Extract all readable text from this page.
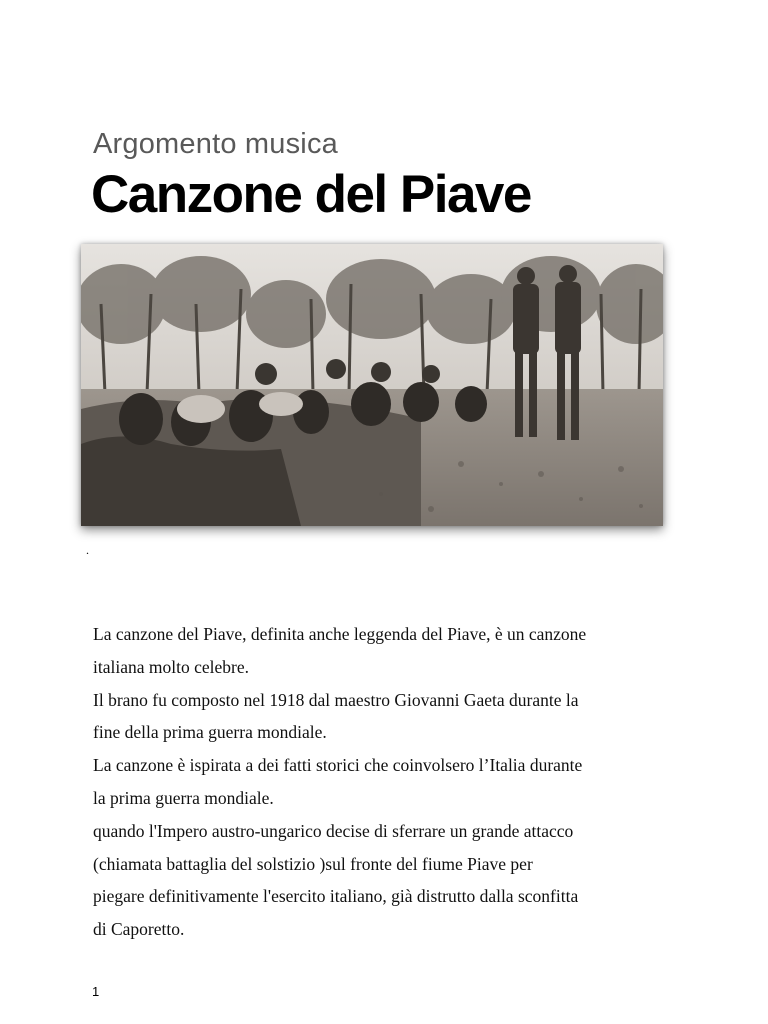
Argomento musica
Canzone del Piave
.

La canzone del Piave, definita anche leggenda del Piave, è un canzone

italiana molto celebre.

Il brano fu composto nel 1918 dal maestro Giovanni Gaeta durante la

fine della prima guerra mondiale.

La canzone è ispirata a dei fatti storici che coinvolsero l’Italia durante

la prima guerra mondiale.

quando l'Impero austro-ungarico decise di sferrare un grande attacco

(chiamata battaglia del solstizio )sul fronte del fiume Piave per

piegare definitivamente l'esercito italiano, già distrutto dalla sconfitta

di Caporetto.

1
